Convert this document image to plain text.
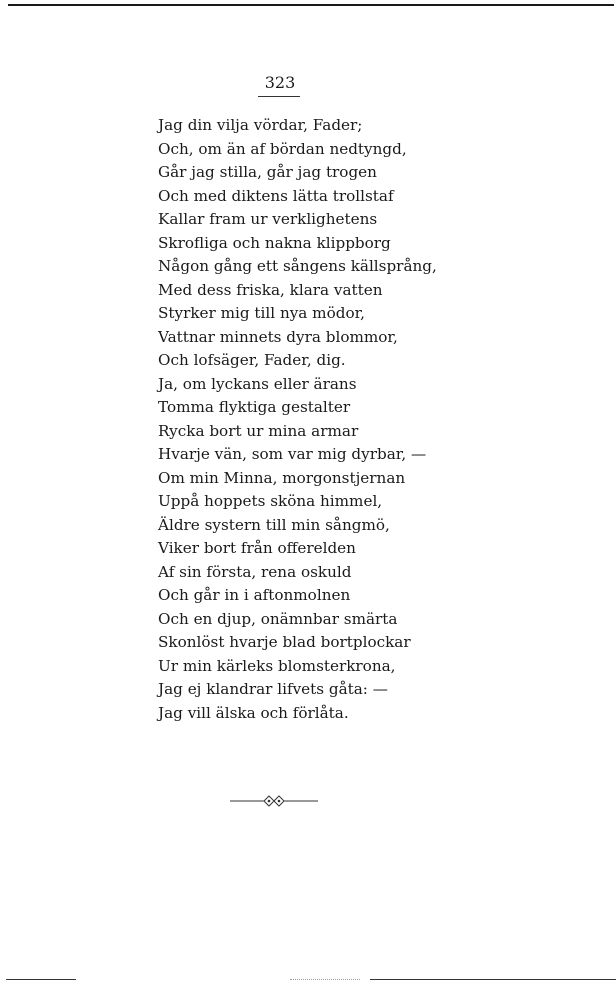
323
Jag din vilja vördar, Fader;
Och, om än af bördan nedtyngd,
Går jag stilla, går jag trogen
Och med diktens lätta trollstaf
Kallar fram ur verklighetens
Skrofliga och nakna klippborg
Någon gång ett sångens källsprång,
Med dess friska, klara vatten
Styrker mig till nya mödor,
Vattnar minnets dyra blommor,
Och lofsäger, Fader, dig.
Ja, om lyckans eller ärans
Tomma flyktiga gestalter
Rycka bort ur mina armar
Hvarje vän, som var mig dyrbar, —
Om min Minna, morgonstjernan
Uppå hoppets sköna himmel,
Äldre systern till min sångmö,
Viker bort från offerelden
Af sin första, rena oskuld
Och går in i aftonmolnen
Och en djup, onämnbar smärta
Skonlöst hvarje blad bortplockar
Ur min kärleks blomsterkrona,
Jag ej klandrar lifvets gåta: —
Jag vill älska och förlåta.
